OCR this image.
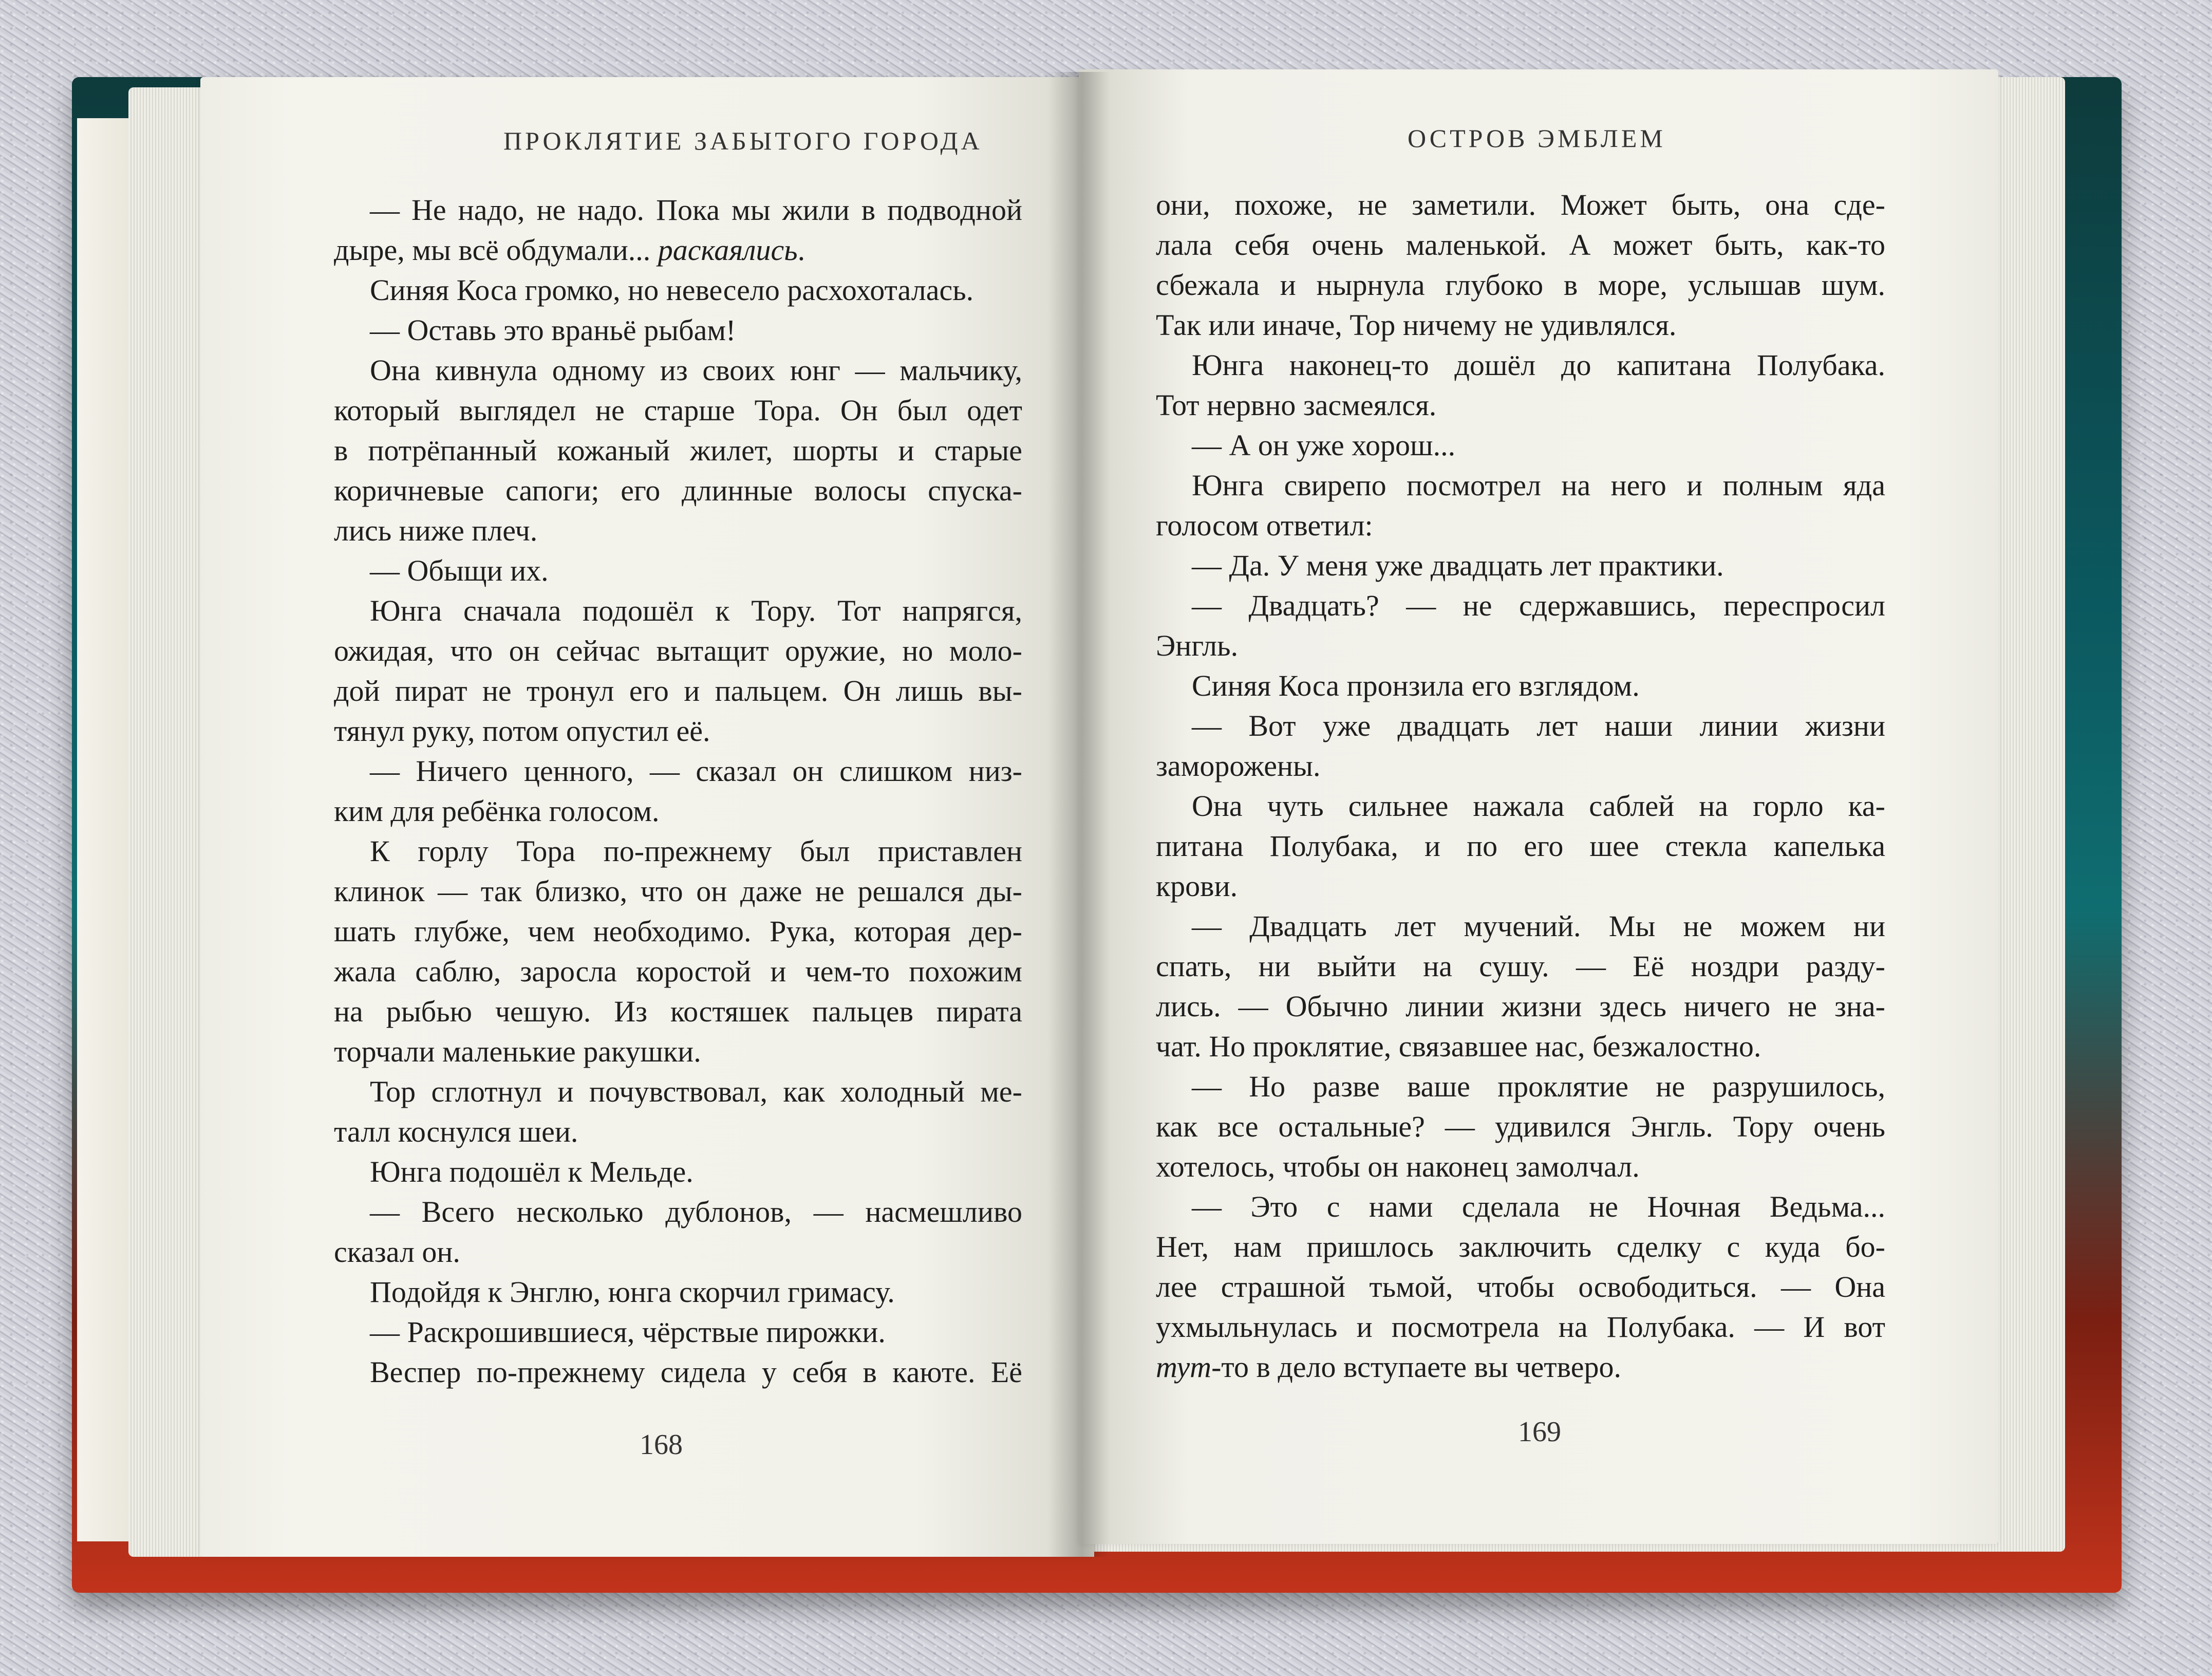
ПРОКЛЯТИЕ ЗАБЫТОГО ГОРОДА	ОСТРОВ ЭМБЛЕМ
— Не надо, не надо. Пока мы жили в подводной
дыре, мы всё обдумали... раскаялись.
Синяя Коса громко, но невесело расхохоталась.
— Оставь это враньё рыбам!
Она кивнула одному из своих юнг — мальчику,
который выглядел не старше Тора. Он был одет
в потрёпанный кожаный жилет, шорты и старые
коричневые сапоги; его длинные волосы спуска-
лись ниже плеч.
— Обыщи их.
Юнга сначала подошёл к Тору. Тот напрягся,
ожидая, что он сейчас вытащит оружие, но моло-
дой пират не тронул его и пальцем. Он лишь вы-
тянул руку, потом опустил её.
— Ничего ценного, — сказал он слишком низ-
ким для ребёнка голосом.
К горлу Тора по-прежнему был приставлен
клинок — так близко, что он даже не решался ды-
шать глубже, чем необходимо. Рука, которая дер-
жала саблю, заросла коростой и чем-то похожим
на рыбью чешую. Из костяшек пальцев пирата
торчали маленькие ракушки.
Тор сглотнул и почувствовал, как холодный ме-
талл коснулся шеи.
Юнга подошёл к Мельде.
— Всего несколько дублонов, — насмешливо
сказал он.
Подойдя к Энглю, юнга скорчил гримасу.
— Раскрошившиеся, чёрствые пирожки.
Веспер по-прежнему сидела у себя в каюте. Её
они, похоже, не заметили. Может быть, она сде-
лала себя очень маленькой. А может быть, как-то
сбежала и нырнула глубоко в море, услышав шум.
Так или иначе, Тор ничему не удивлялся.
Юнга наконец-то дошёл до капитана Полубака.
Тот нервно засмеялся.
— А он уже хорош...
Юнга свирепо посмотрел на него и полным яда
голосом ответил:
— Да. У меня уже двадцать лет практики.
— Двадцать? — не сдержавшись, переспросил
Энгль.
Синяя Коса пронзила его взглядом.
— Вот уже двадцать лет наши линии жизни
заморожены.
Она чуть сильнее нажала саблей на горло ка-
питана Полубака, и по его шее стекла капелька
крови.
— Двадцать лет мучений. Мы не можем ни
спать, ни выйти на сушу. — Её ноздри разду-
лись. — Обычно линии жизни здесь ничего не зна-
чат. Но проклятие, связавшее нас, безжалостно.
— Но разве ваше проклятие не разрушилось,
как все остальные? — удивился Энгль. Тору очень
хотелось, чтобы он наконец замолчал.
— Это с нами сделала не Ночная Ведьма...
Нет, нам пришлось заключить сделку с куда бо-
лее страшной тьмой, чтобы освободиться. — Она
ухмыльнулась и посмотрела на Полубака. — И вот
тут-то в дело вступаете вы четверо.
168	169
